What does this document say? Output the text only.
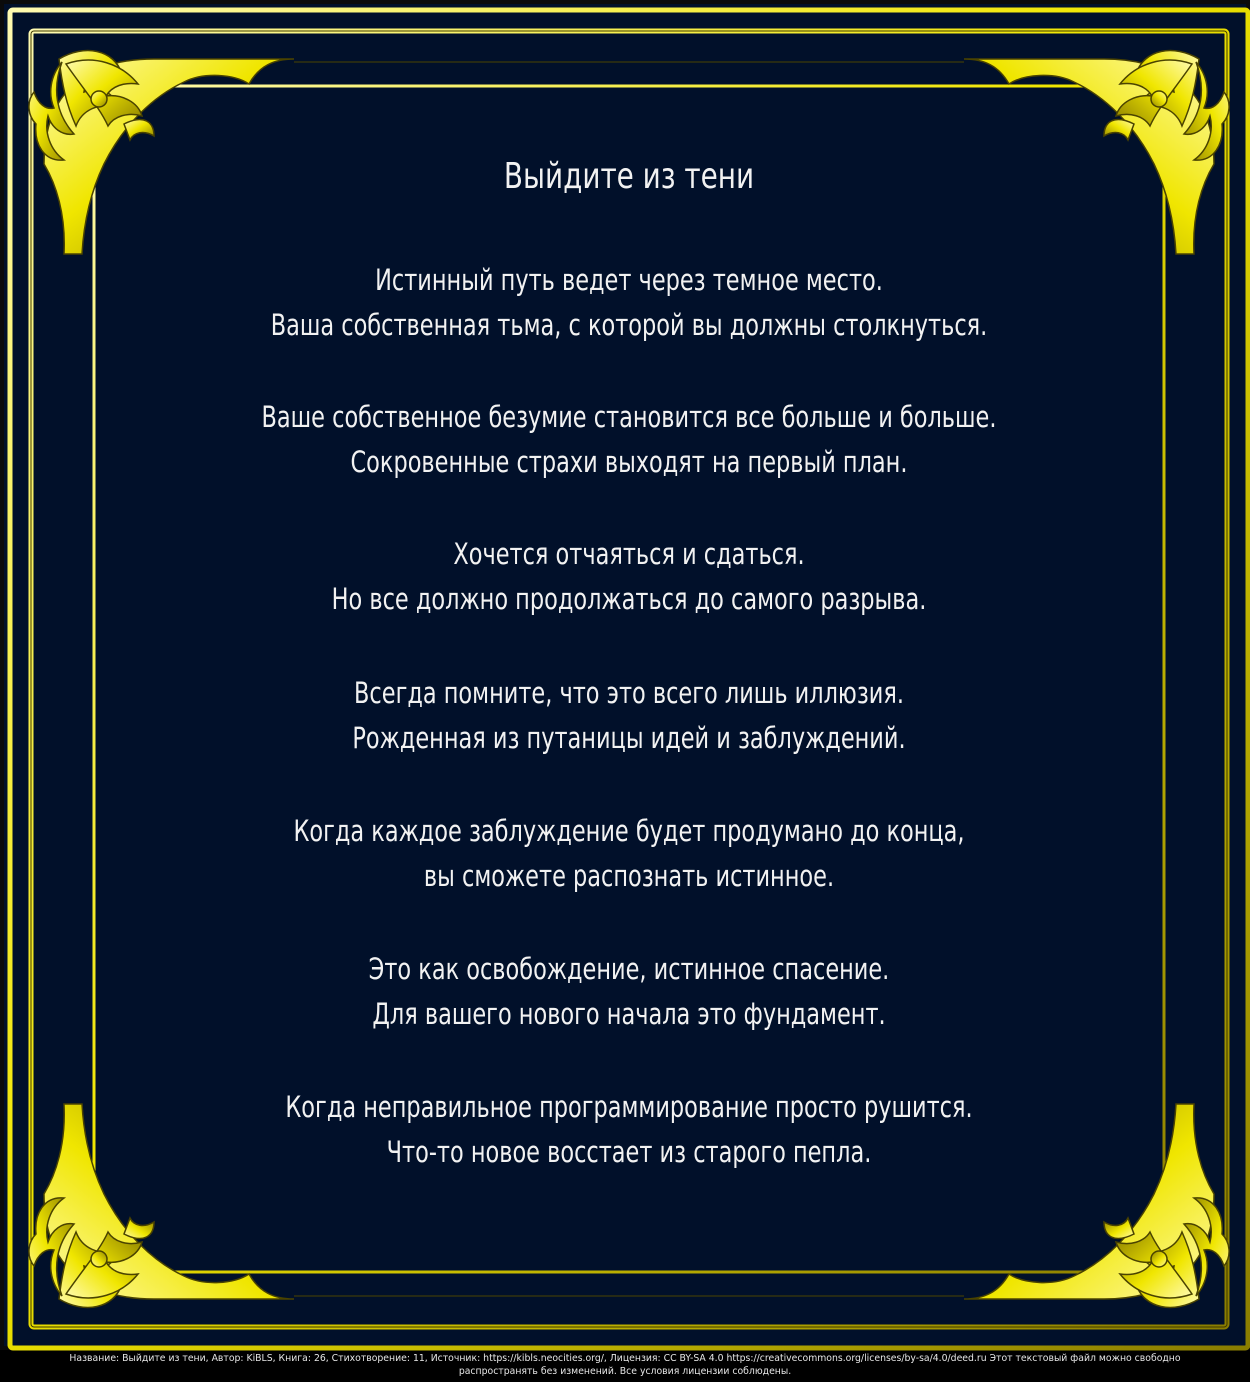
Выйдите из тени
Истинный путь ведет через темное место.
Ваша собственная тьма, с которой вы должны столкнуться.
Ваше собственное безумие становится все больше и больше.
Сокровенные страхи выходят на первый план.
Хочется отчаяться и сдаться.
Но все должно продолжаться до самого разрыва.
Всегда помните, что это всего лишь иллюзия.
Рожденная из путаницы идей и заблуждений.
Когда каждое заблуждение будет продумано до конца,
вы сможете распознать истинное.
Это как освобождение, истинное спасение.
Для вашего нового начала это фундамент.
Когда неправильное программирование просто рушится.
Что-то новое восстает из старого пепла.
Название: Выйдите из тени, Автор: KiBLS, Книга: 26, Стихотворение: 11, Источник: https://kibls.neocities.org/, Лицензия: CC BY-SA 4.0 https://creativecommons.org/licenses/by-sa/4.0/deed.ru Этот текстовый файл можно свободно
распространять без изменений. Все условия лицензии соблюдены.
